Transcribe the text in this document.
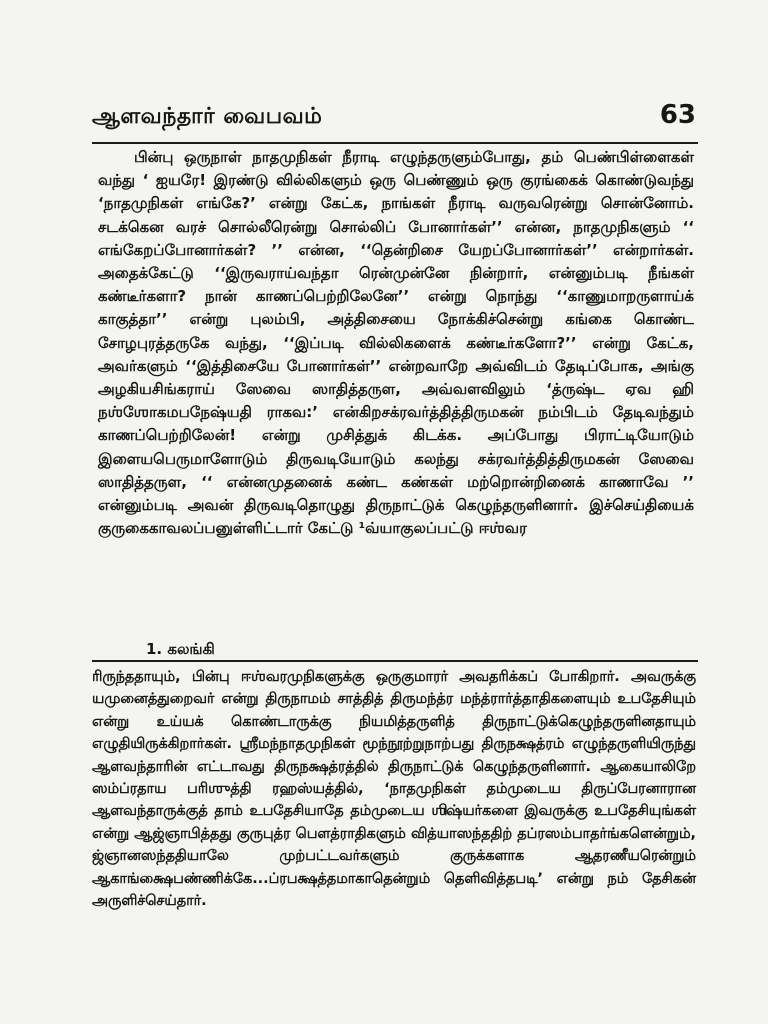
ஆளவந்தார் வைபவம்	63

பின்பு ஒருநாள் நாதமுநிகள் நீராடி எழுந்தருளும்போது, தம் பெண்பிள்ளைகள் வந்து ‘ ஐயரே! இரண்டு வில்லிகளும் ஒரு பெண்ணும் ஒரு குரங்கைக் கொண்டுவந்து ‘நாதமுநிகள் எங்கே?’ என்று கேட்க, நாங்கள் நீராடி வருவரென்று சொன்னோம். சடக்கென வரச் சொல்லீரென்று சொல்லிப் போனார்கள்’’ என்ன, நாதமுநிகளும் ‘‘ எங்கேறப்போனார்கள்? ’’ என்ன, ‘‘தென்றிசை யேறப்போனார்கள்’’ என்றார்கள். அதைக்கேட்டு ‘‘இருவராய்வந்தா ரென்முன்னே நின்றார், என்னும்படி நீங்கள் கண்டீர்களா? நான் காணப்பெற்றிலேனே’’ என்று நொந்து ‘‘காணுமாறருளாய்க் காகுத்தா’’ என்று புலம்பி, அத்திசையை நோக்கிச்சென்று கங்கை கொண்ட சோழபுரத்தருகே வந்து, ‘‘இப்படி வில்லிகளைக் கண்டீர்களோ?’’ என்று கேட்க, அவர்களும் ‘‘இத்திசையே போனார்கள்’’ என்றவாறே அவ்விடம் தேடிப்போக, அங்கு அழகியசிங்கராய் ஸேவை ஸாதித்தருள, அவ்வளவிலும் ‘த்ருஷ்ட ஏவ ஹி நஶ்ஶோகமபநேஷ்யதி ராகவ:’ என்கிறசக்ரவர்த்தித்திருமகன் நம்பிடம் தேடிவந்தும் காணப்பெற்றிலேன்! என்று முசித்துக் கிடக்க. அப்போது பிராட்டியோடும் இளையபெருமாளோடும் திருவடியோடும் கலந்து சக்ரவர்த்தித்திருமகன் ஸேவை ஸாதித்தருள, ‘‘ என்னமுதனைக் கண்ட கண்கள் மற்றொன்றினைக் காணாவே ’’ என்னும்படி அவன் திருவடிதொழுது திருநாட்டுக் கெழுந்தருளினார். இச்செய்தியைக் குருகைகாவலப்பனுள்ளிட்டார் கேட்டு ¹வ்யாகுலப்பட்டு ஈஶ்வர

1. கலங்கி

ரிருந்ததாயும், பின்பு ஈஶ்வரமுநிகளுக்கு ஒருகுமாரர் அவதரிக்கப் போகிறார். அவருக்கு யமுனைத்துறைவர் என்று திருநாமம் சாத்தித் திருமந்த்ர மந்த்ரார்த்தாதிகளையும் உபதேசியும் என்று உய்யக் கொண்டாருக்கு நியமித்தருளித் திருநாட்டுக்கெழுந்தருளினதாயும் எழுதியிருக்கிறார்கள். ஸ்ரீமந்நாதமுநிகள் மூந்நூற்றுநாற்பது திருநக்ஷத்ரம் எழுந்தருளியிருந்து ஆளவந்தாரின் எட்டாவது திருநக்ஷத்ரத்தில் திருநாட்டுக் கெழுந்தருளினார். ஆகையாலிறே ஸம்ப்ரதாய பரிஶுத்தி ரஹஸ்யத்தில், ‘நாதமுநிகள் தம்முடைய திருப்பேரனாரான ஆளவந்தாருக்குத் தாம் உபதேசியாதே தம்முடைய ஶிஷ்யர்களை இவருக்கு உபதேசியுங்கள் என்று ஆஜ்ஞாபித்தது குருபுத்ர பௌத்ராதிகளும் வித்யாஸந்ததிற் தப்ரஸம்பாதர்ங்களென்றும், ஜ்ஞானஸந்ததியாலே முற்பட்டவர்களும் குருக்களாக ஆதரணீயரென்றும் ஆகாங்க்ஷைபண்ணிக்கே...ப்ரபக்ஷத்தமாகாதென்றும் தெளிவித்தபடி’ என்று நம் தேசிகன் அருளிச்செய்தார்.
